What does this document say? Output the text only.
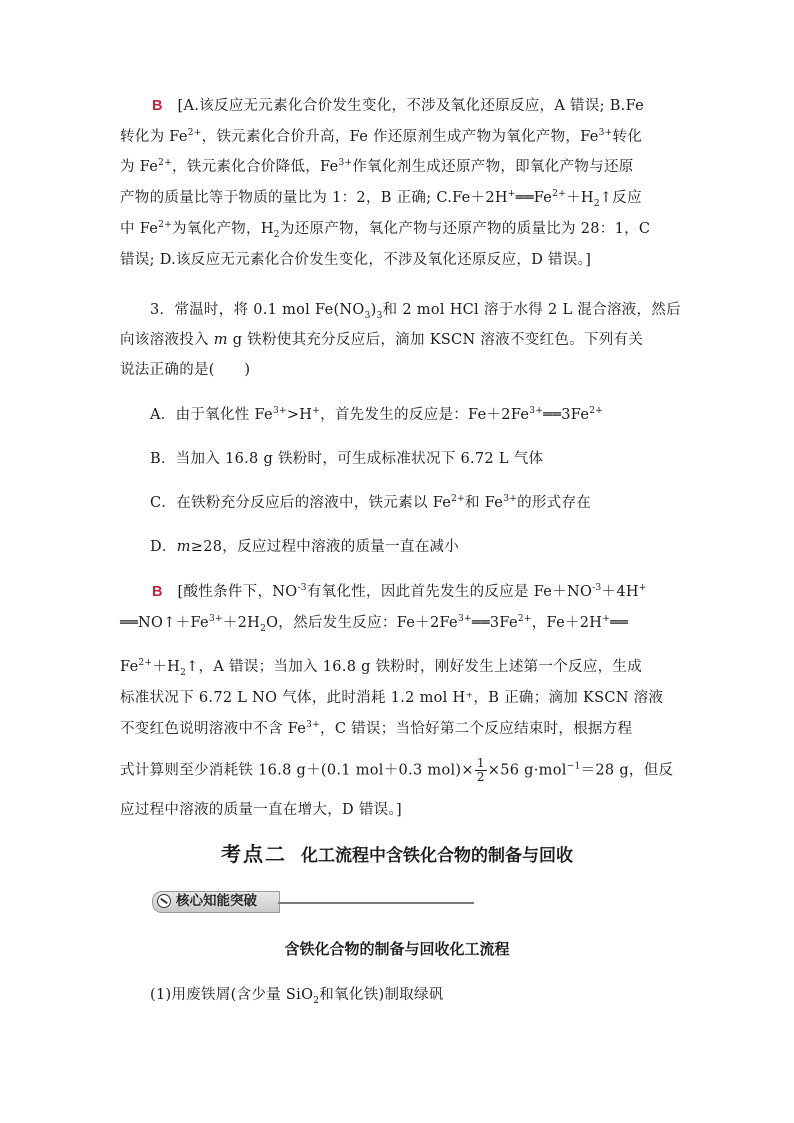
B [A.该反应无元素化合价发生变化，不涉及氧化还原反应，A 错误; B.Fe
转化为 $Fe^{2+}$，铁元素化合价升高，Fe 作还原剂生成产物为氧化产物，$Fe^{3+}$转化
为 $Fe^{2+}$，铁元素化合价降低，$Fe^{3+}$作氧化剂生成还原产物，即氧化产物与还原
产物的质量比等于物质的量比为 1：2，B 正确; $C.Fe+2H^+══Fe^{2+}+H_2↑$反应
中 $Fe^{2+}$为氧化产物，$H_2$为还原产物，氧化产物与还原产物的质量比为 28：1，C
错误; D.该反应无元素化合价发生变化，不涉及氧化还原反应，D 错误。]
3．常温时，将 0.1 mol $Fe(NO_3)_3$和 2 mol HCl 溶于水得 2 L 混合溶液，然后
向该溶液投入 m g 铁粉使其充分反应后，滴加 KSCN 溶液不变红色。下列有关
说法正确的是(　　)
A．由于氧化性 $Fe^{3+}>H^+$，首先发生的反应是：$Fe+2Fe^{3+}══3Fe^{2+}$
B．当加入 16.8 g 铁粉时，可生成标准状况下 6.72 L 气体
C．在铁粉充分反应后的溶液中，铁元素以 $Fe^{2+}$和 $Fe^{3+}$的形式存在
D．m≥28，反应过程中溶液的质量一直在减小
B [酸性条件下，$NO^{-3}$有氧化性，因此首先发生的反应是 $Fe+NO^{-3}+4H^+$
$══NO↑+Fe^{3+}+2H_2O$，然后发生反应：$Fe+2Fe^{3+}══3Fe^{2+}$，Fe＋2H+══
$Fe^{2+}+H_2↑$，A 错误；当加入 16.8 g 铁粉时，刚好发生上述第一个反应，生成
标准状况下 6.72 L NO 气体，此时消耗 1.2 mol H⁺，B 正确；滴加 KSCN 溶液
不变红色说明溶液中不含 $Fe^{3+}$，C 错误；当恰好第二个反应结束时，根据方程
式计算则至少消耗铁 16.8 g＋(0.1 mol＋0.3 $mol)\times \frac{1}{2} \times 56$ g·mol$^{-1}$＝28 g，但反
应过程中溶液的质量一直在增大，D 错误。]
考点二 化工流程中含铁化合物的制备与回收
核心知能突破
含铁化合物的制备与回收化工流程
(1)用废铁屑(含少量 SiO$_2$和氧化铁)制取绿矾
